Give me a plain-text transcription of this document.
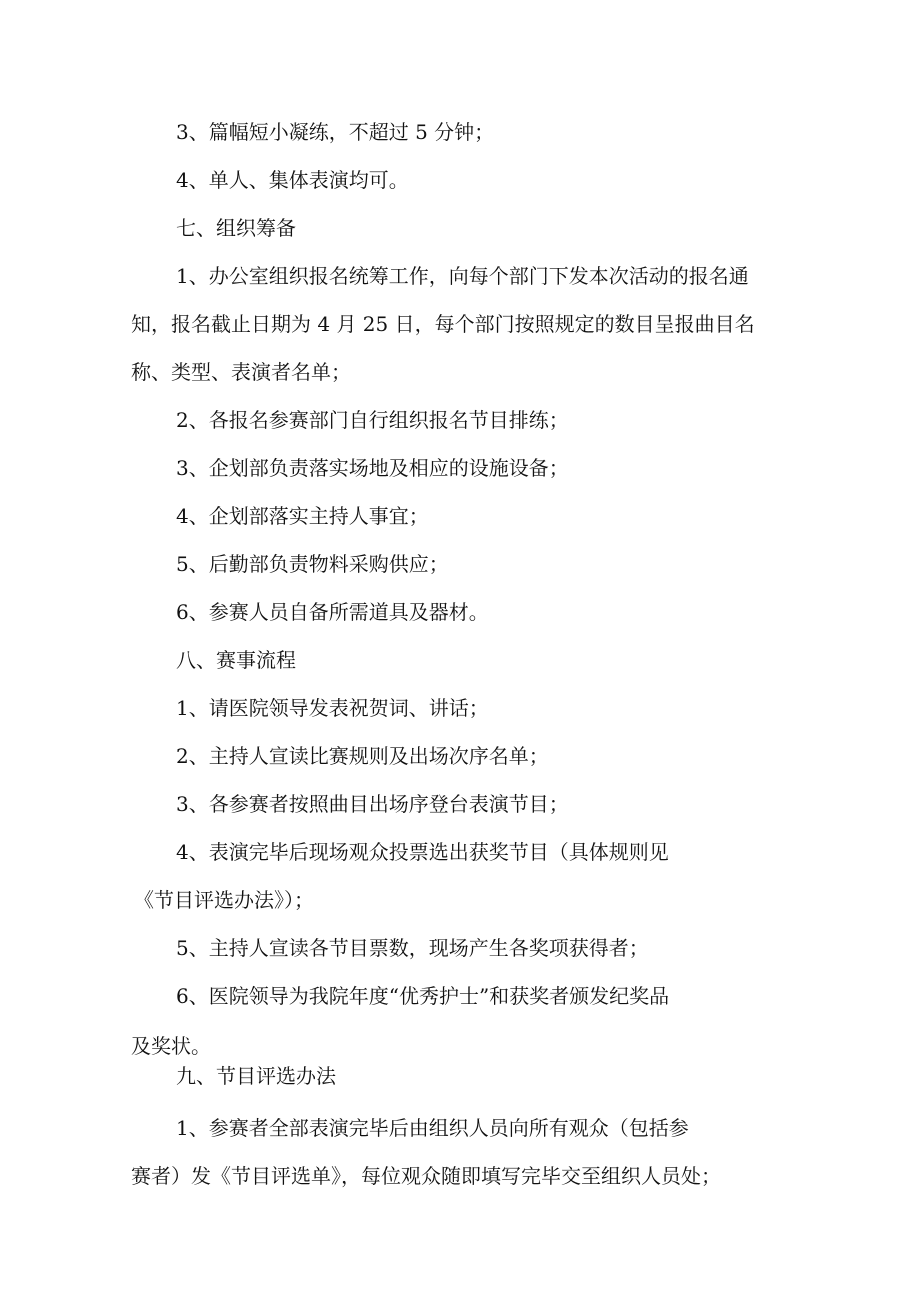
3、篇幅短小凝练，不超过 5 分钟；

4、单人、集体表演均可。

七、组织筹备

1、办公室组织报名统筹工作，向每个部门下发本次活动的报名通

知，报名截止日期为 4 月 25 日，每个部门按照规定的数目呈报曲目名

称、类型、表演者名单；

2、各报名参赛部门自行组织报名节目排练；

3、企划部负责落实场地及相应的设施设备；

4、企划部落实主持人事宜；

5、后勤部负责物料采购供应；

6、参赛人员自备所需道具及器材。

八、赛事流程

1、请医院领导发表祝贺词、讲话；

2、主持人宣读比赛规则及出场次序名单；

3、各参赛者按照曲目出场序登台表演节目；

4、表演完毕后现场观众投票选出获奖节目（具体规则见

《节目评选办法》）；

5、主持人宣读各节目票数，现场产生各奖项获得者；

6、医院领导为我院年度“优秀护士”和获奖者颁发纪奖品

及奖状。

九、节目评选办法

1、参赛者全部表演完毕后由组织人员向所有观众（包括参

赛者）发《节目评选单》，每位观众随即填写完毕交至组织人员处；
